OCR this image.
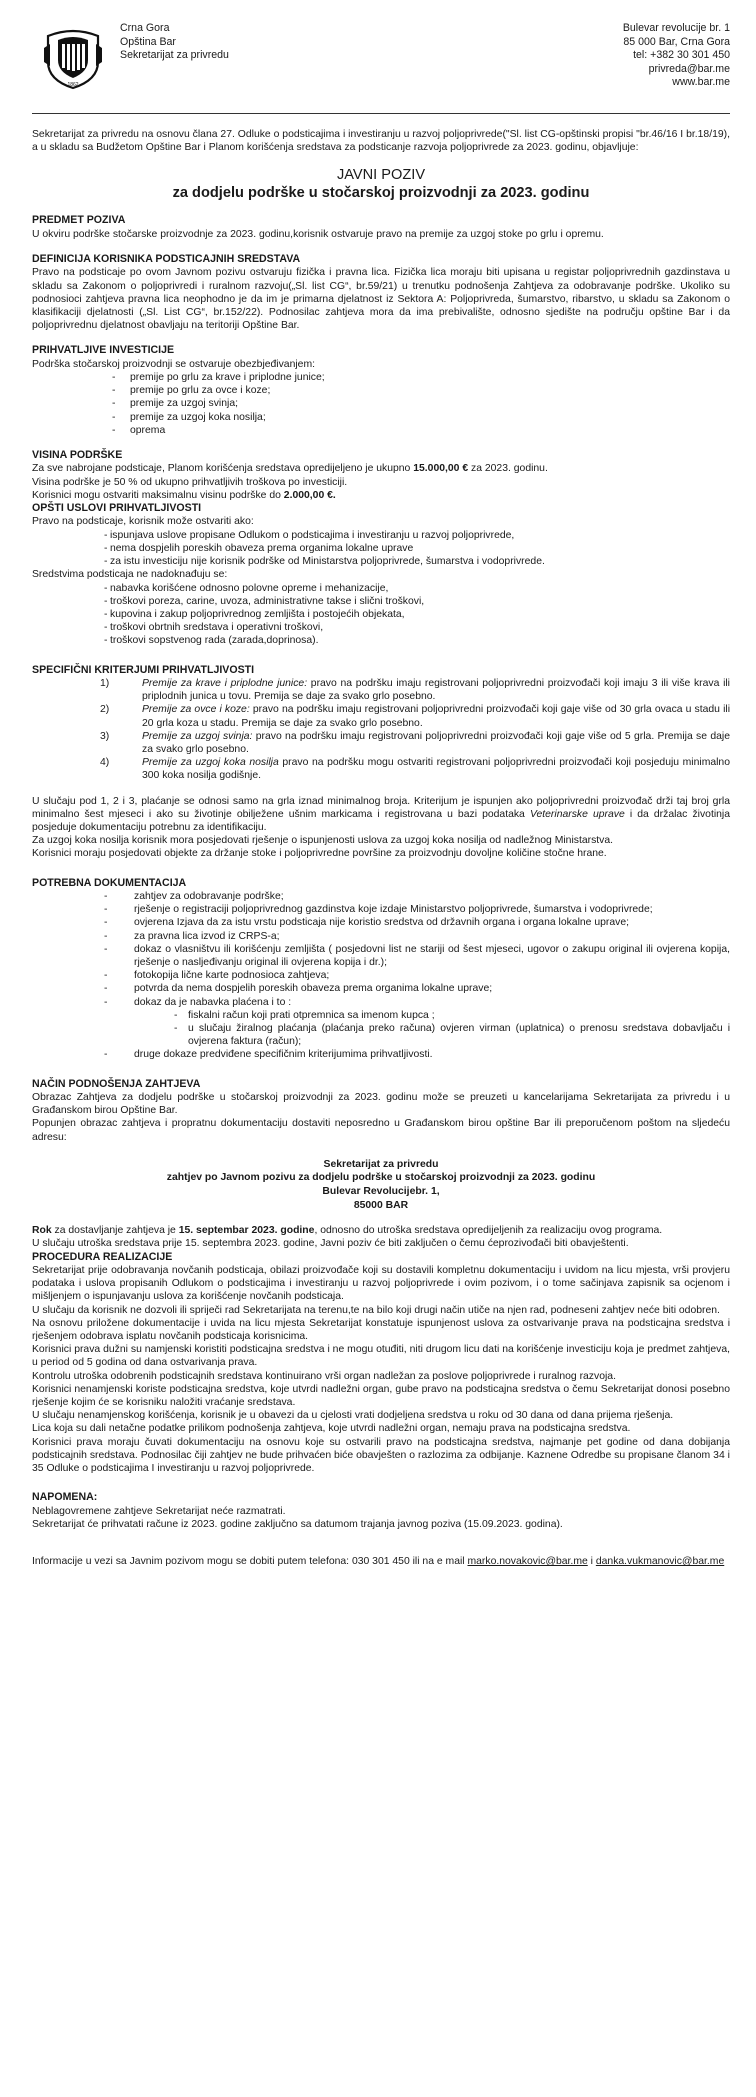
1862
Crna Gora
Opština Bar
Sekretarijat za privredu
Bulevar revolucije br. 1
85 000 Bar, Crna Gora
tel: +382 30 301 450
privreda@bar.me
www.bar.me

Sekretarijat za privredu na osnovu člana 27. Odluke o podsticajima i investiranju u razvoj poljoprivrede("Sl. list CG-opštinski propisi "br.46/16 I br.18/19), a u skladu sa Budžetom Opštine Bar i Planom korišćenja sredstava za podsticanje razvoja poljoprivrede za 2023. godinu, objavljuje:

JAVNI POZIV
za dodjelu podrške u stočarskoj proizvodnji za 2023. godinu
PREDMET POZIVA

U okviru podrške stočarske proizvodnje za 2023. godinu,korisnik ostvaruje pravo na premije za uzgoj stoke po grlu i opremu.

DEFINICIJA KORISNIKA PODSTICAJNIH SREDSTAVA

Pravo na podsticaje po ovom Javnom pozivu ostvaruju fizička i pravna lica. Fizička lica moraju biti upisana u registar poljoprivrednih gazdinstava u skladu sa Zakonom o poljoprivredi i ruralnom razvoju(„Sl. list CG“, br.59/21) u trenutku podnošenja Zahtjeva za odobravanje podrške. Ukoliko su podnosioci zahtjeva pravna lica neophodno je da im je primarna djelatnost iz Sektora A: Poljoprivreda, šumarstvo, ribarstvo, u skladu sa Zakonom o klasifikaciji djelatnosti („Sl. List CG“, br.152/22). Podnosilac zahtjeva mora da ima prebivalište, odnosno sjedište na području opštine Bar i da poljoprivrednu djelatnost obavljaju na teritoriji Opštine Bar.

PRIHVATLJIVE INVESTICIJE

Podrška stočarskoj proizvodnji se ostvaruje obezbjeđivanjem:

-	premije po grlu za krave i priplodne junice;
-	premije po grlu za ovce i koze;
-	premije za uzgoj svinja;
-	premije za uzgoj koka nosilja;
-	oprema
VISINA PODRŠKE

Za sve nabrojane podsticaje, Planom korišćenja sredstava opredijeljeno je ukupno 15.000,00 € za 2023. godinu.

Visina podrške je 50 % od ukupno prihvatljivih troškova po investiciji.

Korisnici mogu ostvariti maksimalnu visinu podrške do 2.000,00 €.

OPŠTI USLOVI PRIHVATLJIVOSTI

Pravo na podsticaje, korisnik može ostvariti ako:

- ispunjava uslove propisane Odlukom o podsticajima i investiranju u razvoj poljoprivrede,
- nema dospjelih poreskih obaveza prema organima lokalne uprave
- za istu investiciju nije korisnik podrške od Ministarstva poljoprivrede, šumarstva i vodoprivrede.

Sredstvima podsticaja ne nadoknađuju se:

- nabavka korišćene odnosno polovne opreme i mehanizacije,
- troškovi poreza, carine, uvoza, administrativne takse i slični troškovi,
- kupovina i zakup poljoprivrednog zemljišta i postojećih objekata,
- troškovi obrtnih sredstava i operativni troškovi,
- troškovi sopstvenog rada (zarada,doprinosa).
SPECIFIČNI KRITERJUMI PRIHVATLJIVOSTI
1)	Premije za krave i priplodne junice: pravo na podršku imaju registrovani poljoprivredni proizvođači koji imaju 3 ili više krava ili priplodnih junica u tovu. Premija se daje za svako grlo posebno.
2)	Premije za ovce i koze: pravo na podršku imaju registrovani poljoprivredni proizvođači koji gaje više od 30 grla ovaca u stadu ili 20 grla koza u stadu. Premija se daje za svako grlo posebno.
3)	Premije za uzgoj svinja: pravo na podršku imaju registrovani poljoprivredni proizvođači koji gaje više od 5 grla. Premija se daje za svako grlo posebno.
4)	Premije za uzgoj koka nosilja pravo na podršku mogu ostvariti registrovani poljoprivredni proizvođači koji posjeduju minimalno 300 koka nosilja godišnje.

U slučaju pod 1, 2 i 3, plaćanje se odnosi samo na grla iznad minimalnog broja. Kriterijum je ispunjen ako poljoprivredni proizvođač drži taj broj grla minimalno šest mjeseci i ako su životinje obilježene ušnim markicama i registrovana u bazi podataka Veterinarske uprave i da držalac životinja posjeduje dokumentaciju potrebnu za identifikaciju.

Za uzgoj koka nosilja korisnik mora posjedovati rješenje o ispunjenosti uslova za uzgoj koka nosilja od nadležnog Ministarstva.

Korisnici moraju posjedovati objekte za držanje stoke i poljoprivredne površine za proizvodnju dovoljne količine stočne hrane.

POTREBNA DOKUMENTACIJA
-	zahtjev za odobravanje podrške;
-	rješenje o registraciji poljoprivrednog gazdinstva koje izdaje Ministarstvo poljoprivrede, šumarstva i vodoprivrede;
-	ovjerena Izjava da za istu vrstu podsticaja nije koristio sredstva od državnih organa i organa lokalne uprave;
-	za pravna lica izvod iz CRPS-a;
-	dokaz o vlasništvu ili korišćenju zemljišta ( posjedovni list ne stariji od šest mjeseci, ugovor o zakupu original ili ovjerena kopija, rješenje o nasljeđivanju original ili ovjerena kopija i dr.);
-	fotokopija lične karte podnosioca zahtjeva;
-	potvrda da nema dospjelih poreskih obaveza prema organima lokalne uprave;
-	dokaz da je nabavka plaćena i to :
-	fiskalni račun koji prati otpremnica sa imenom kupca ;
-	u slučaju žiralnog plaćanja (plaćanja preko računa) ovjeren virman (uplatnica) o prenosu sredstava dobavljaču i ovjerena faktura (račun);
-	druge dokaze predviđene specifičnim kriterijumima prihvatljivosti.
NAČIN PODNOŠENJA ZAHTJEVA

Obrazac Zahtjeva za dodjelu podrške u stočarskoj proizvodnji za 2023. godinu može se preuzeti u kancelarijama Sekretarijata za privredu i u Građanskom birou Opštine Bar.

Popunjen obrazac zahtjeva i propratnu dokumentaciju dostaviti neposredno u Građanskom birou opštine Bar ili preporučenom poštom na sljedeću adresu:

Sekretarijat za privredu
zahtjev po Javnom pozivu za dodjelu podrške u stočarskoj proizvodnji za 2023. godinu
Bulevar Revolucijebr. 1,
85000 BAR

Rok za dostavljanje zahtjeva je 15. septembar 2023. godine, odnosno do utroška sredstava opredijeljenih za realizaciju ovog programa.

U slučaju utroška sredstava prije 15. septembra 2023. godine, Javni poziv će biti zaključen o čemu ćeprozivođači biti obavještenti.

PROCEDURA REALIZACIJE

Sekretarijat prije odobravanja novčanih podsticaja, obilazi proizvođače koji su dostavili kompletnu dokumentaciju i uvidom na licu mjesta, vrši provjeru podataka i uslova propisanih Odlukom o podsticajima i investiranju u razvoj poljoprivrede i ovim pozivom, i o tome sačinjava zapisnik sa ocjenom i mišljenjem o ispunjavanju uslova za korišćenje novčanih podsticaja.

U slučaju da korisnik ne dozvoli ili spriječi rad Sekretarijata na terenu,te na bilo koji drugi način utiče na njen rad, podneseni zahtjev neće biti odobren.

Na osnovu priložene dokumentacije i uvida na licu mjesta Sekretarijat konstatuje ispunjenost uslova za ostvarivanje prava na podsticajna sredstva i rješenjem odobrava isplatu novčanih podsticaja korisnicima.

Korisnici prava dužni su namjenski koristiti podsticajna sredstva i ne mogu otuđiti, niti drugom licu dati na korišćenje investiciju koja je predmet zahtjeva, u period od 5 godina od dana ostvarivanja prava.

Kontrolu utroška odobrenih podsticajnih sredstava kontinuirano vrši organ nadležan za poslove poljoprivrede i ruralnog razvoja.

Korisnici nenamjenski koriste podsticajna sredstva, koje utvrdi nadležni organ, gube pravo na podsticajna sredstva o čemu Sekretarijat donosi posebno rješenje kojim će se korisniku naložiti vraćanje sredstava.

U slučaju nenamjenskog korišćenja, korisnik je u obavezi da u cjelosti vrati dodjeljena sredstva u roku od 30 dana od dana prijema rješenja.

Lica koja su dali netačne podatke prilikom podnošenja zahtjeva, koje utvrdi nadležni organ, nemaju prava na podsticajna sredstva.

Korisnici prava moraju čuvati dokumentaciju na osnovu koje su ostvarili pravo na podsticajna sredstva, najmanje pet godine od dana dobijanja podsticajnih sredstava. Podnosilac čiji zahtjev ne bude prihvaćen biće obavješten o razlozima za odbijanje. Kaznene Odredbe su propisane članom 34 i 35 Odluke o podsticajima I investiranju u razvoj poljoprivrede.

NAPOMENA:

Neblagovremene zahtjeve Sekretarijat neće razmatrati.

Sekretarijat će prihvatati račune iz 2023. godine zaključno sa datumom trajanja javnog poziva (15.09.2023. godina).

Informacije u vezi sa Javnim pozivom mogu se dobiti putem telefona: 030 301 450 ili na e mail marko.novakovic@bar.me i danka.vukmanovic@bar.me
